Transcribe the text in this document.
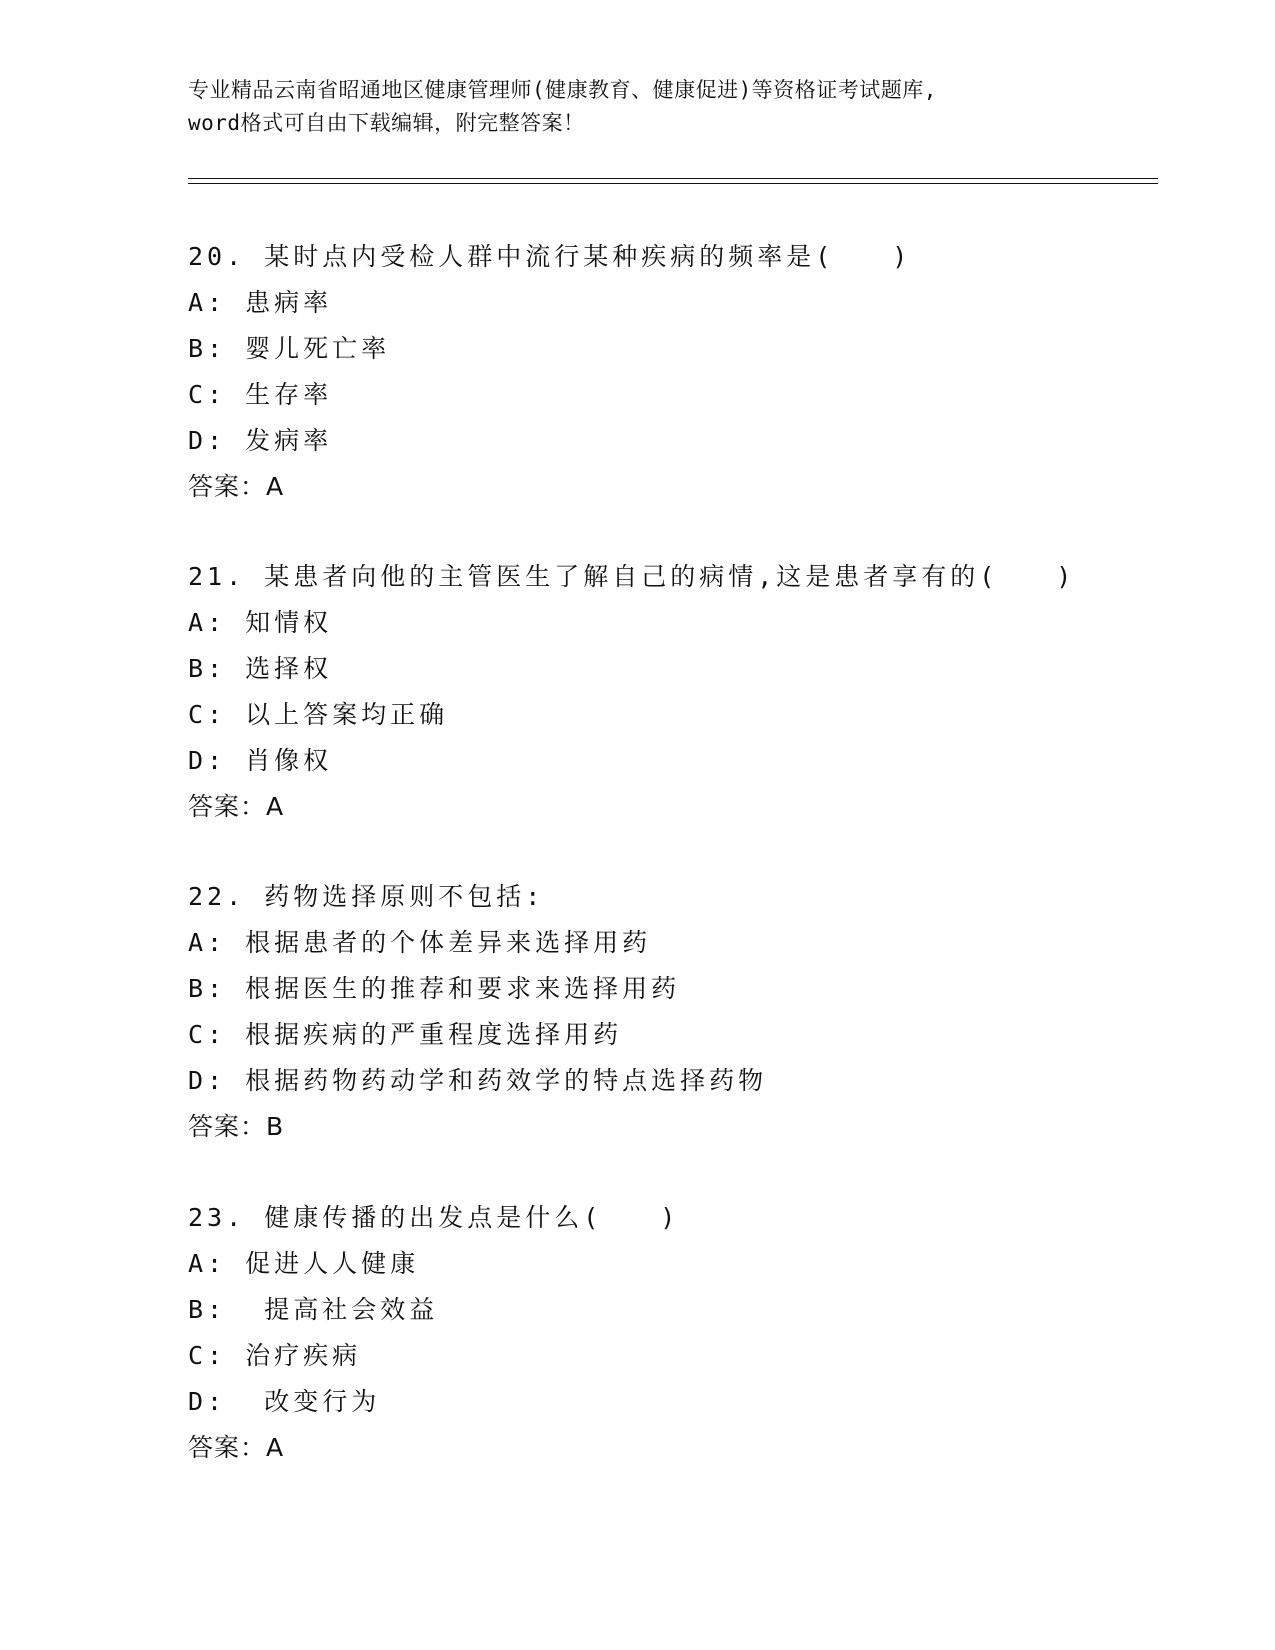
专业精品云南省昭通地区健康管理师(健康教育、健康促进)等资格证考试题库,
word格式可自由下载编辑，附完整答案！
20. 某时点内受检人群中流行某种疾病的频率是(　　)
A: 患病率
B: 婴儿死亡率
C: 生存率
D: 发病率
答案：A
21. 某患者向他的主管医生了解自己的病情,这是患者享有的(　　)
A: 知情权
B: 选择权
C: 以上答案均正确
D: 肖像权
答案：A
22. 药物选择原则不包括:
A: 根据患者的个体差异来选择用药
B: 根据医生的推荐和要求来选择用药
C: 根据疾病的严重程度选择用药
D: 根据药物药动学和药效学的特点选择药物
答案：B
23. 健康传播的出发点是什么(　　)
A: 促进人人健康
B:  提高社会效益
C: 治疗疾病
D:  改变行为
答案：A
